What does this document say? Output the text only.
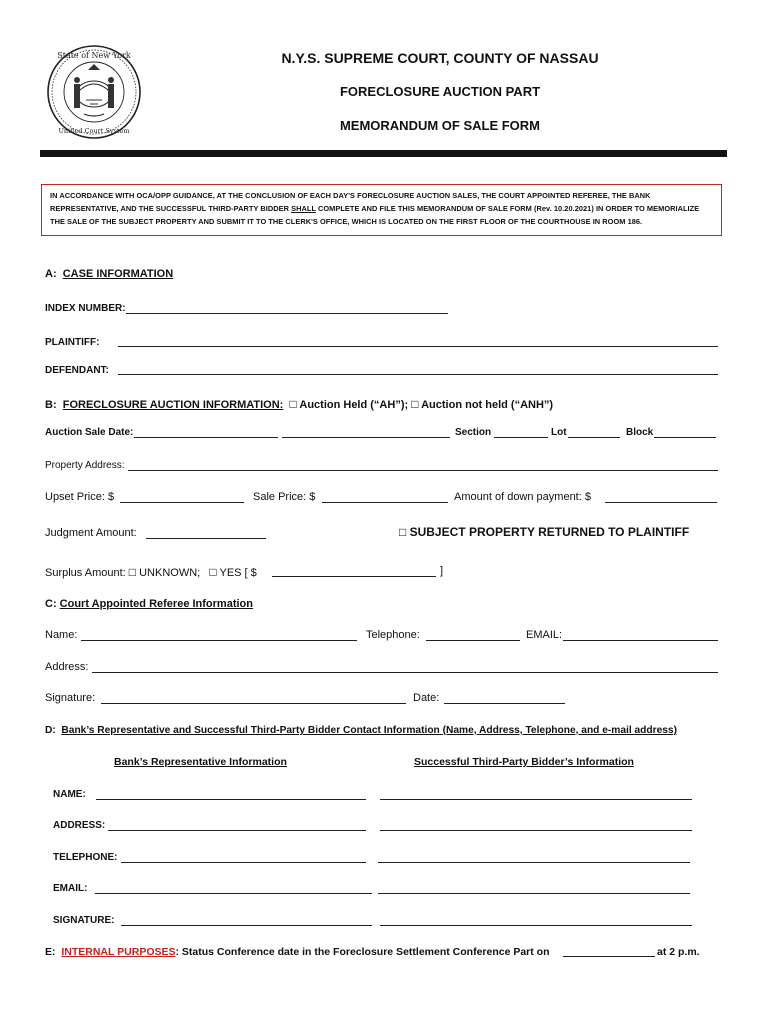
State of New York
Unified Court System
N.Y.S. SUPREME COURT, COUNTY OF NASSAU
FORECLOSURE AUCTION PART
MEMORANDUM OF SALE FORM
IN ACCORDANCE WITH OCA/OPP GUIDANCE, AT THE CONCLUSION OF EACH DAY'S FORECLOSURE AUCTION SALES, THE COURT APPOINTED REFEREE, THE BANK REPRESENTATIVE, AND THE SUCCESSFUL THIRD-PARTY BIDDER SHALL COMPLETE AND FILE THIS MEMORANDUM OF SALE FORM (Rev. 10.20.2021) IN ORDER TO MEMORIALIZE THE SALE OF THE SUBJECT PROPERTY AND SUBMIT IT TO THE CLERK'S OFFICE, WHICH IS LOCATED ON THE FIRST FLOOR OF THE COURTHOUSE IN ROOM 186.
A: CASE INFORMATION
INDEX NUMBER:
PLAINTIFF:
DEFENDANT:
B: FORECLOSURE AUCTION INFORMATION: □ Auction Held (“AH”); □ Auction not held (“ANH”)
Auction Sale Date:	Section	Lot	Block
Property Address:
Upset Price: $	Sale Price: $	Amount of down payment: $
Judgment Amount:	□ SUBJECT PROPERTY RETURNED TO PLAINTIFF
Surplus Amount: □ UNKNOWN; □ YES [ $	]
C: Court Appointed Referee Information
Name:	Telephone:	EMAIL:
Address:
Signature:	Date:
D: Bank’s Representative and Successful Third-Party Bidder Contact Information (Name, Address, Telephone, and e-mail address)
Bank’s Representative Information	Successful Third-Party Bidder’s Information
NAME:
ADDRESS:
TELEPHONE:
EMAIL:
SIGNATURE:
E: INTERNAL PURPOSES: Status Conference date in the Foreclosure Settlement Conference Part on	at 2 p.m.
